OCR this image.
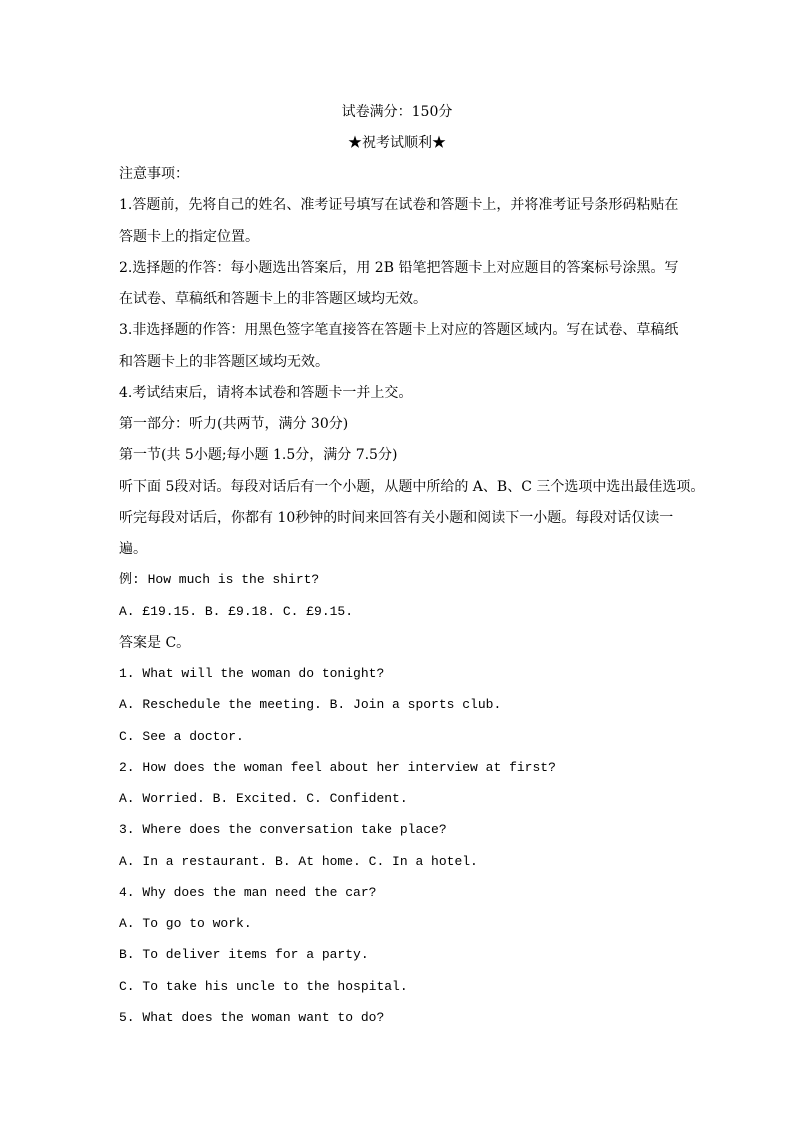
试卷满分：150分
★祝考试顺利★
注意事项：
1.答题前，先将自己的姓名、准考证号填写在试卷和答题卡上，并将准考证号条形码粘贴在
答题卡上的指定位置。
2.选择题的作答：每小题选出答案后，用 2B 铅笔把答题卡上对应题目的答案标号涂黑。写
在试卷、草稿纸和答题卡上的非答题区域均无效。
3.非选择题的作答：用黑色签字笔直接答在答题卡上对应的答题区域内。写在试卷、草稿纸
和答题卡上的非答题区域均无效。
4.考试结束后，请将本试卷和答题卡一并上交。
第一部分：听力(共两节，满分 30分)
第一节(共 5小题;每小题 1.5分，满分 7.5分)
听下面 5段对话。每段对话后有一个小题，从题中所给的 A、B、C 三个选项中选出最佳选项。
听完每段对话后，你都有 10秒钟的时间来回答有关小题和阅读下一小题。每段对话仅读一
遍。
例: How much is the shirt?
A. £19.15. B. £9.18. C. £9.15.
答案是 C。
1. What will the woman do tonight?
A. Reschedule the meeting. B. Join a sports club.
C. See a doctor.
2. How does the woman feel about her interview at first?
A. Worried. B. Excited. C. Confident.
3. Where does the conversation take place?
A. In a restaurant. B. At home. C. In a hotel.
4. Why does the man need the car?
A. To go to work.
B. To deliver items for a party.
C. To take his uncle to the hospital.
5. What does the woman want to do?
